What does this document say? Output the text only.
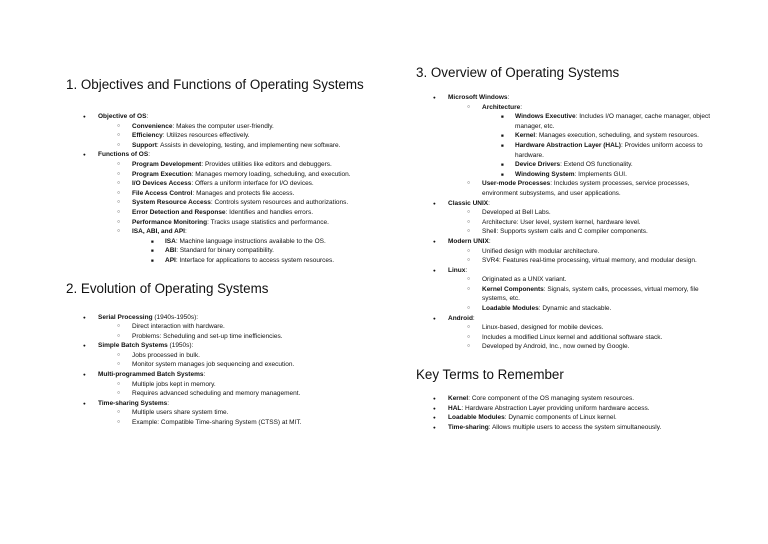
1. Objectives and Functions of Operating Systems
● Objective of OS:
○ Convenience: Makes the computer user-friendly.
○ Efficiency: Utilizes resources effectively.
○ Support: Assists in developing, testing, and implementing new software.
● Functions of OS:
○ Program Development: Provides utilities like editors and debuggers.
○ Program Execution: Manages memory loading, scheduling, and execution.
○ I/O Devices Access: Offers a uniform interface for I/O devices.
○ File Access Control: Manages and protects file access.
○ System Resource Access: Controls system resources and authorizations.
○ Error Detection and Response: Identifies and handles errors.
○ Performance Monitoring: Tracks usage statistics and performance.
○ ISA, ABI, and API:
■ ISA: Machine language instructions available to the OS.
■ ABI: Standard for binary compatibility.
■ API: Interface for applications to access system resources.
2. Evolution of Operating Systems
● Serial Processing (1940s-1950s):
○ Direct interaction with hardware.
○ Problems: Scheduling and set-up time inefficiencies.
● Simple Batch Systems (1950s):
○ Jobs processed in bulk.
○ Monitor system manages job sequencing and execution.
● Multi-programmed Batch Systems:
○ Multiple jobs kept in memory.
○ Requires advanced scheduling and memory management.
● Time-sharing Systems:
○ Multiple users share system time.
○ Example: Compatible Time-sharing System (CTSS) at MIT.
3. Overview of Operating Systems
● Microsoft Windows:
○ Architecture:
■ Windows Executive: Includes I/O manager, cache manager, object manager, etc.
■ Kernel: Manages execution, scheduling, and system resources.
■ Hardware Abstraction Layer (HAL): Provides uniform access to hardware.
■ Device Drivers: Extend OS functionality.
■ Windowing System: Implements GUI.
○ User-mode Processes: Includes system processes, service processes, environment subsystems, and user applications.
● Classic UNIX:
○ Developed at Bell Labs.
○ Architecture: User level, system kernel, hardware level.
○ Shell: Supports system calls and C compiler components.
● Modern UNIX:
○ Unified design with modular architecture.
○ SVR4: Features real-time processing, virtual memory, and modular design.
● Linux:
○ Originated as a UNIX variant.
○ Kernel Components: Signals, system calls, processes, virtual memory, file systems, etc.
○ Loadable Modules: Dynamic and stackable.
● Android:
○ Linux-based, designed for mobile devices.
○ Includes a modified Linux kernel and additional software stack.
○ Developed by Android, Inc., now owned by Google.
Key Terms to Remember
● Kernel: Core component of the OS managing system resources.
● HAL: Hardware Abstraction Layer providing uniform hardware access.
● Loadable Modules: Dynamic components of Linux kernel.
● Time-sharing: Allows multiple users to access the system simultaneously.
